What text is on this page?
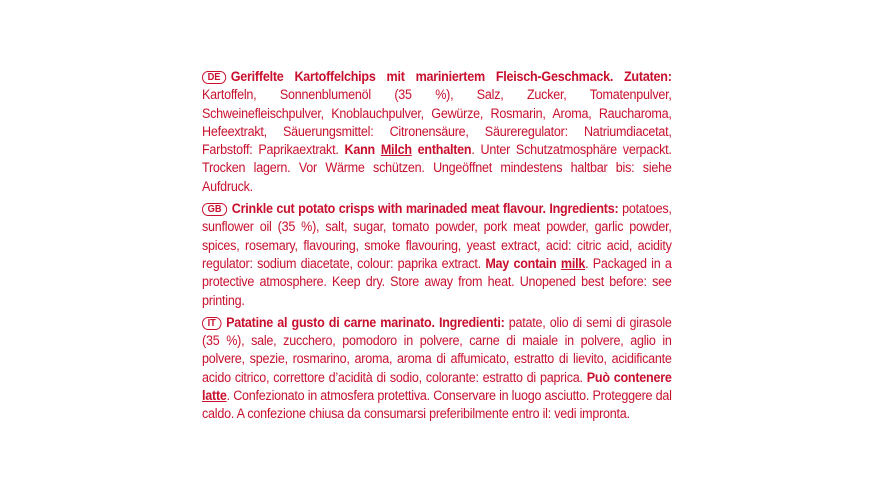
DE Geriffelte Kartoffelchips mit mariniertem Fleisch-Geschmack. Zutaten: Kartoffeln, Sonnenblumenöl (35 %), Salz, Zucker, Tomatenpulver, Schweinefleischpulver, Knoblauchpulver, Gewürze, Rosmarin, Aroma, Raucharoma, Hefeextrakt, Säuerungsmittel: Citronensäure, Säureregulator: Natriumdiacetat, Farbstoff: Paprikaextrakt. Kann Milch enthalten. Unter Schutzatmosphäre verpackt. Trocken lagern. Vor Wärme schützen. Ungeöffnet mindestens haltbar bis: siehe Aufdruck.

GB Crinkle cut potato crisps with marinaded meat flavour. Ingredients: potatoes, sunflower oil (35 %), salt, sugar, tomato powder, pork meat powder, garlic powder, spices, rosemary, flavouring, smoke flavouring, yeast extract, acid: citric acid, acidity regulator: sodium diacetate, colour: paprika extract. May contain milk. Packaged in a protective atmosphere. Keep dry. Store away from heat. Unopened best before: see printing.

IT Patatine al gusto di carne marinato. Ingredienti: patate, olio di semi di girasole (35 %), sale, zucchero, pomodoro in polvere, carne di maiale in polvere, aglio in polvere, spezie, rosmarino, aroma, aroma di affumicato, estratto di lievito, acidificante acido citrico, correttore d’acidità di sodio, colorante: estratto di paprica. Può contenere latte. Confezionato in atmosfera protettiva. Conservare in luogo asciutto. Proteggere dal caldo. A confezione chiusa da consumarsi preferibilmente entro il: vedi impronta.
